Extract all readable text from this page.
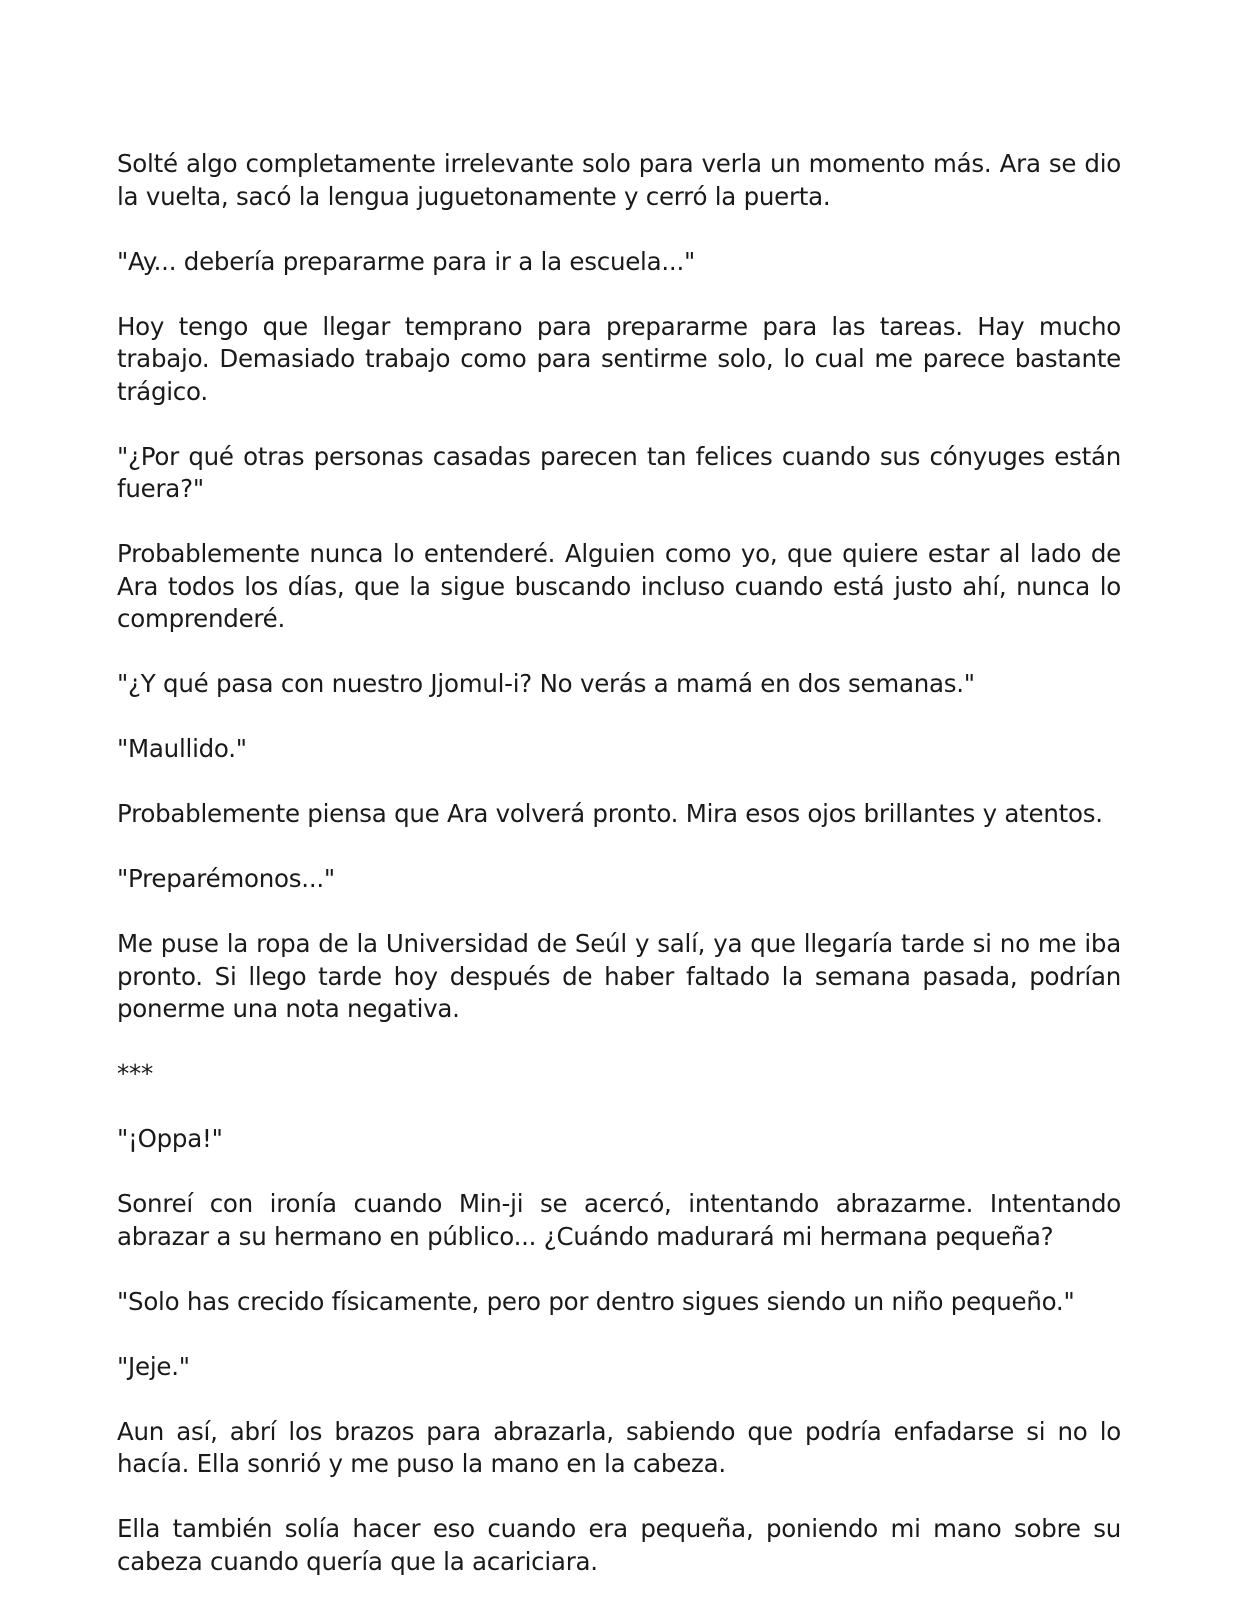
Solté algo completamente irrelevante solo para verla un momento más. Ara se dio la vuelta, sacó la lengua juguetonamente y cerró la puerta.

"Ay... debería prepararme para ir a la escuela..."

Hoy tengo que llegar temprano para prepararme para las tareas. Hay mucho trabajo. Demasiado trabajo como para sentirme solo, lo cual me parece bastante trágico.

"¿Por qué otras personas casadas parecen tan felices cuando sus cónyuges están fuera?"

Probablemente nunca lo entenderé. Alguien como yo, que quiere estar al lado de Ara todos los días, que la sigue buscando incluso cuando está justo ahí, nunca lo comprenderé.

"¿Y qué pasa con nuestro Jjomul-i? No verás a mamá en dos semanas."

"Maullido."

Probablemente piensa que Ara volverá pronto. Mira esos ojos brillantes y atentos.

"Preparémonos..."

Me puse la ropa de la Universidad de Seúl y salí, ya que llegaría tarde si no me iba pronto. Si llego tarde hoy después de haber faltado la semana pasada, podrían ponerme una nota negativa.

***

"¡Oppa!"

Sonreí con ironía cuando Min-ji se acercó, intentando abrazarme. Intentando abrazar a su hermano en público... ¿Cuándo madurará mi hermana pequeña?

"Solo has crecido físicamente, pero por dentro sigues siendo un niño pequeño."

"Jeje."

Aun así, abrí los brazos para abrazarla, sabiendo que podría enfadarse si no lo hacía. Ella sonrió y me puso la mano en la cabeza.

Ella también solía hacer eso cuando era pequeña, poniendo mi mano sobre su cabeza cuando quería que la acariciara.
